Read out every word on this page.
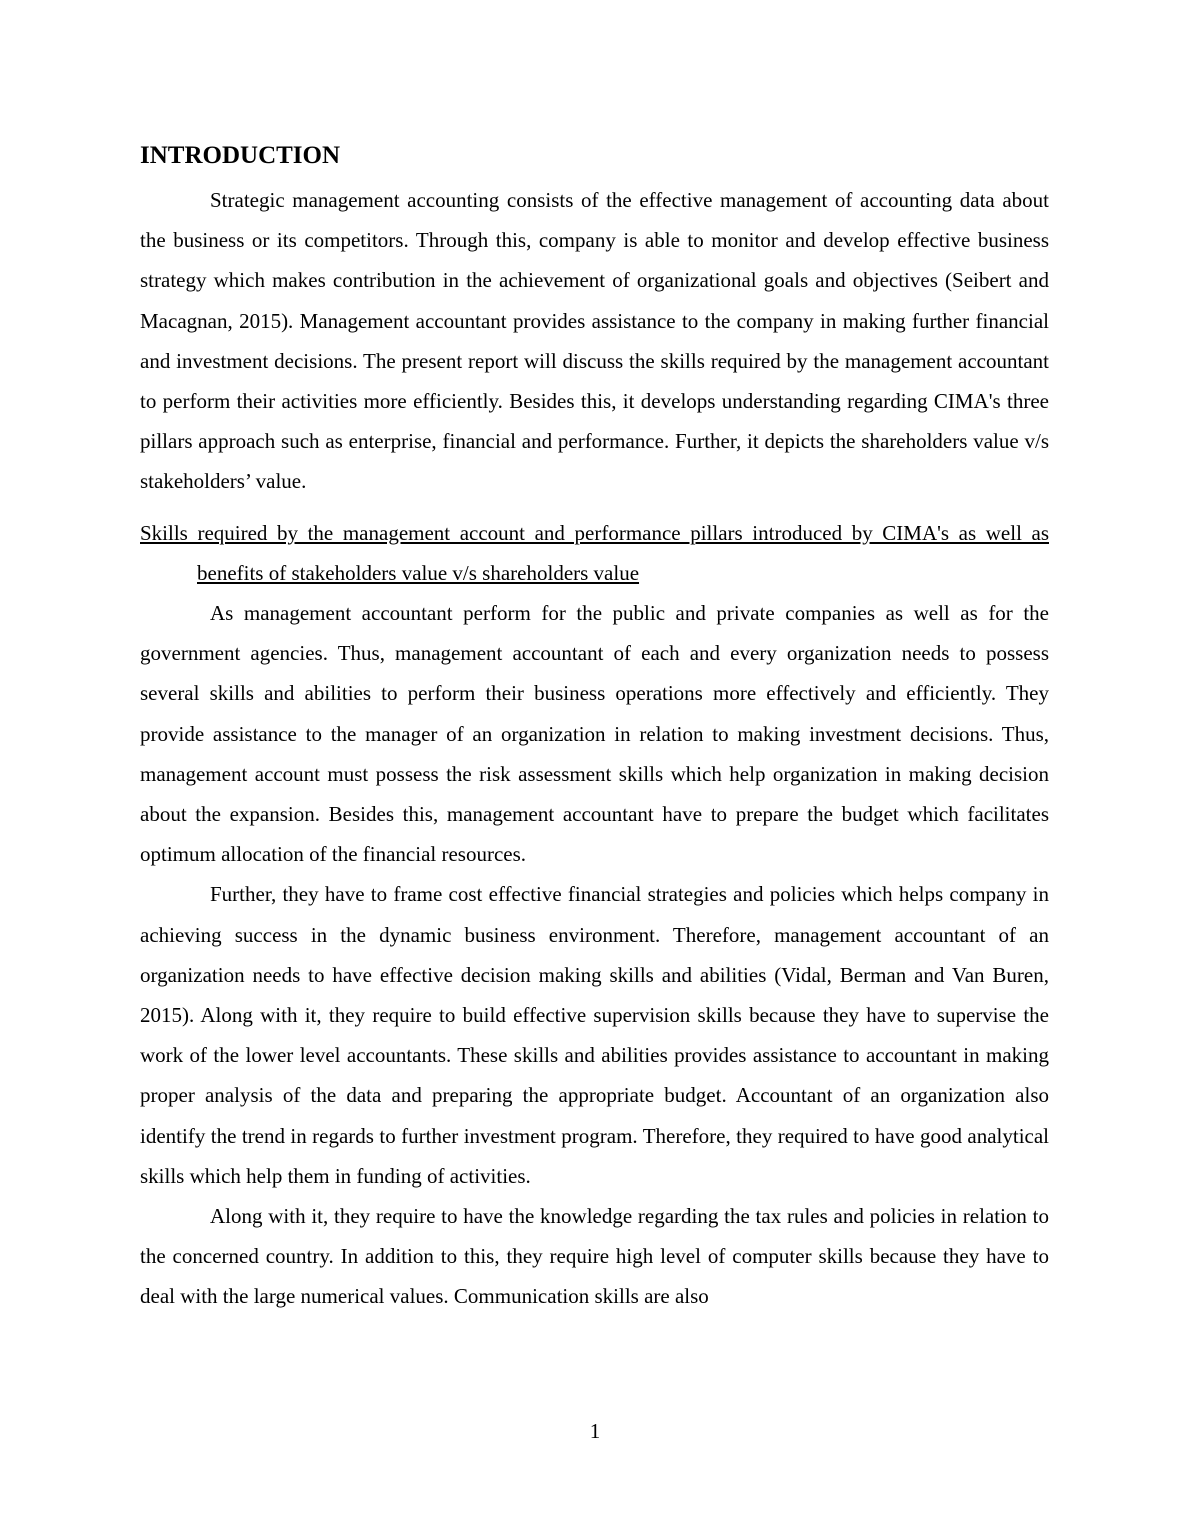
INTRODUCTION

Strategic management accounting consists of the effective management of accounting data about the business or its competitors. Through this, company is able to monitor and develop effective business strategy which makes contribution in the achievement of organizational goals and objectives (Seibert and Macagnan, 2015). Management accountant provides assistance to the company in making further financial and investment decisions. The present report will discuss the skills required by the management accountant to perform their activities more efficiently. Besides this, it develops understanding regarding CIMA's three pillars approach such as enterprise, financial and performance. Further, it depicts the shareholders value v/s stakeholders’ value.

Skills required by the management account and performance pillars introduced by CIMA's as well as benefits of stakeholders value v/s shareholders value

As management accountant perform for the public and private companies as well as for the government agencies. Thus, management accountant of each and every organization needs to possess several skills and abilities to perform their business operations more effectively and efficiently. They provide assistance to the manager of an organization in relation to making investment decisions. Thus, management account must possess the risk assessment skills which help organization in making decision about the expansion. Besides this, management accountant have to prepare the budget which facilitates optimum allocation of the financial resources.

Further, they have to frame cost effective financial strategies and policies which helps company in achieving success in the dynamic business environment. Therefore, management accountant of an organization needs to have effective decision making skills and abilities (Vidal, Berman and Van Buren, 2015). Along with it, they require to build effective supervision skills because they have to supervise the work of the lower level accountants. These skills and abilities provides assistance to accountant in making proper analysis of the data and preparing the appropriate budget. Accountant of an organization also identify the trend in regards to further investment program. Therefore, they required to have good analytical skills which help them in funding of activities.

Along with it, they require to have the knowledge regarding the tax rules and policies in relation to the concerned country. In addition to this, they require high level of computer skills because they have to deal with the large numerical values. Communication skills are also

1
